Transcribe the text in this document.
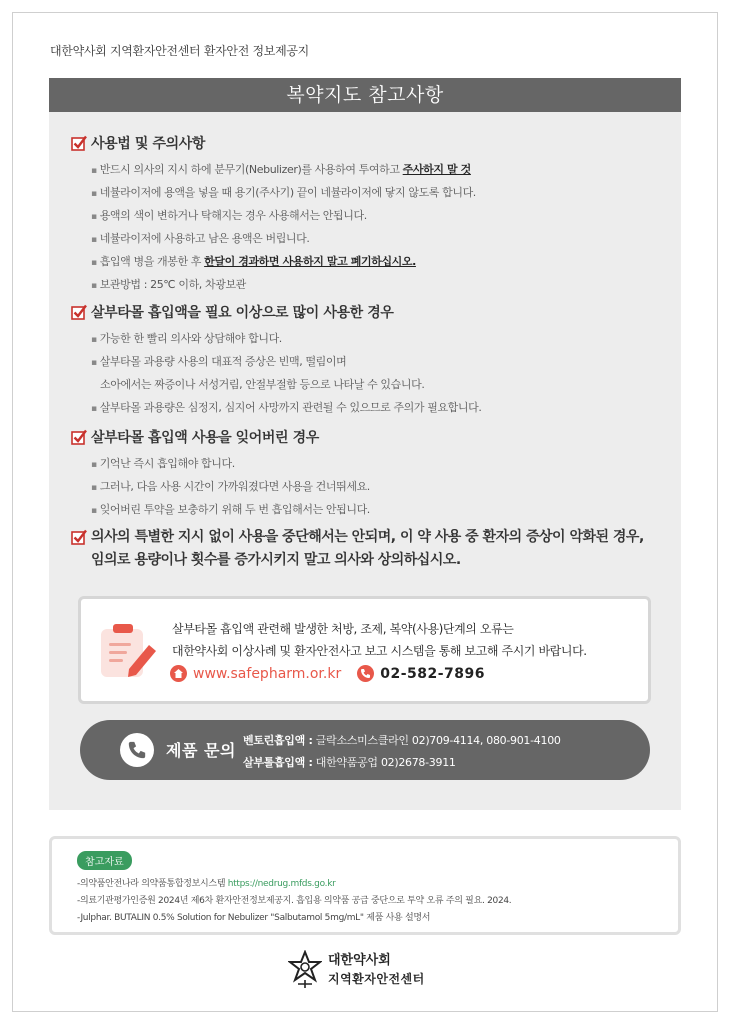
대한약사회 지역환자안전센터 환자안전 정보제공지
복약지도 참고사항
사용법 및 주의사항
▪ 반드시 의사의 지시 하에 분무기(Nebulizer)를 사용하여 투여하고 주사하지 말 것
▪ 네뷸라이저에 용액을 넣을 때 용기(주사기) 끝이 네뷸라이저에 닿지 않도록 합니다.
▪ 용액의 색이 변하거나 탁해지는 경우 사용해서는 안됩니다.
▪ 네뷸라이저에 사용하고 남은 용액은 버립니다.
▪ 흡입액 병을 개봉한 후 한달이 경과하면 사용하지 말고 폐기하십시오.
▪ 보관방법 : 25℃ 이하, 차광보관
살부타몰 흡입액을 필요 이상으로 많이 사용한 경우
▪ 가능한 한 빨리 의사와 상담해야 합니다.
▪ 살부타몰 과용량 사용의 대표적 증상은 빈맥, 떨림이며
소아에서는 짜증이나 서성거림, 안절부절함 등으로 나타날 수 있습니다.
▪ 살부타몰 과용량은 심정지, 심지어 사망까지 관련될 수 있으므로 주의가 필요합니다.
살부타몰 흡입액 사용을 잊어버린 경우
▪ 기억난 즉시 흡입해야 합니다.
▪ 그러나, 다음 사용 시간이 가까워졌다면 사용을 건너뛰세요.
▪ 잊어버린 투약을 보충하기 위해 두 번 흡입해서는 안됩니다.
의사의 특별한 지시 없이 사용을 중단해서는 안되며, 이 약 사용 중 환자의 증상이 악화된 경우,
임의로 용량이나 횟수를 증가시키지 말고 의사와 상의하십시오.
살부타몰 흡입액 관련해 발생한 처방, 조제, 복약(사용)단계의 오류는
대한약사회 이상사례 및 환자안전사고 보고 시스템을 통해 보고해 주시기 바랍니다.
www.safepharm.or.kr	02-582-7896
제품 문의
벤토린흡입액 : 글락소스미스클라인 02)709-4114, 080-901-4100
살부톨흡입액 : 대한약품공업 02)2678-3911
참고자료
-의약품안전나라 의약품통합정보시스템 https://nedrug.mfds.go.kr
-의료기관평가인증원 2024년 제6차 환자안전정보제공지. 흡입용 의약품 공급 중단으로 투약 오류 주의 필요. 2024.
-Julphar. BUTALIN 0.5% Solution for Nebulizer "Salbutamol 5mg/mL" 제품 사용 설명서
대한약사회
지역환자안전센터
